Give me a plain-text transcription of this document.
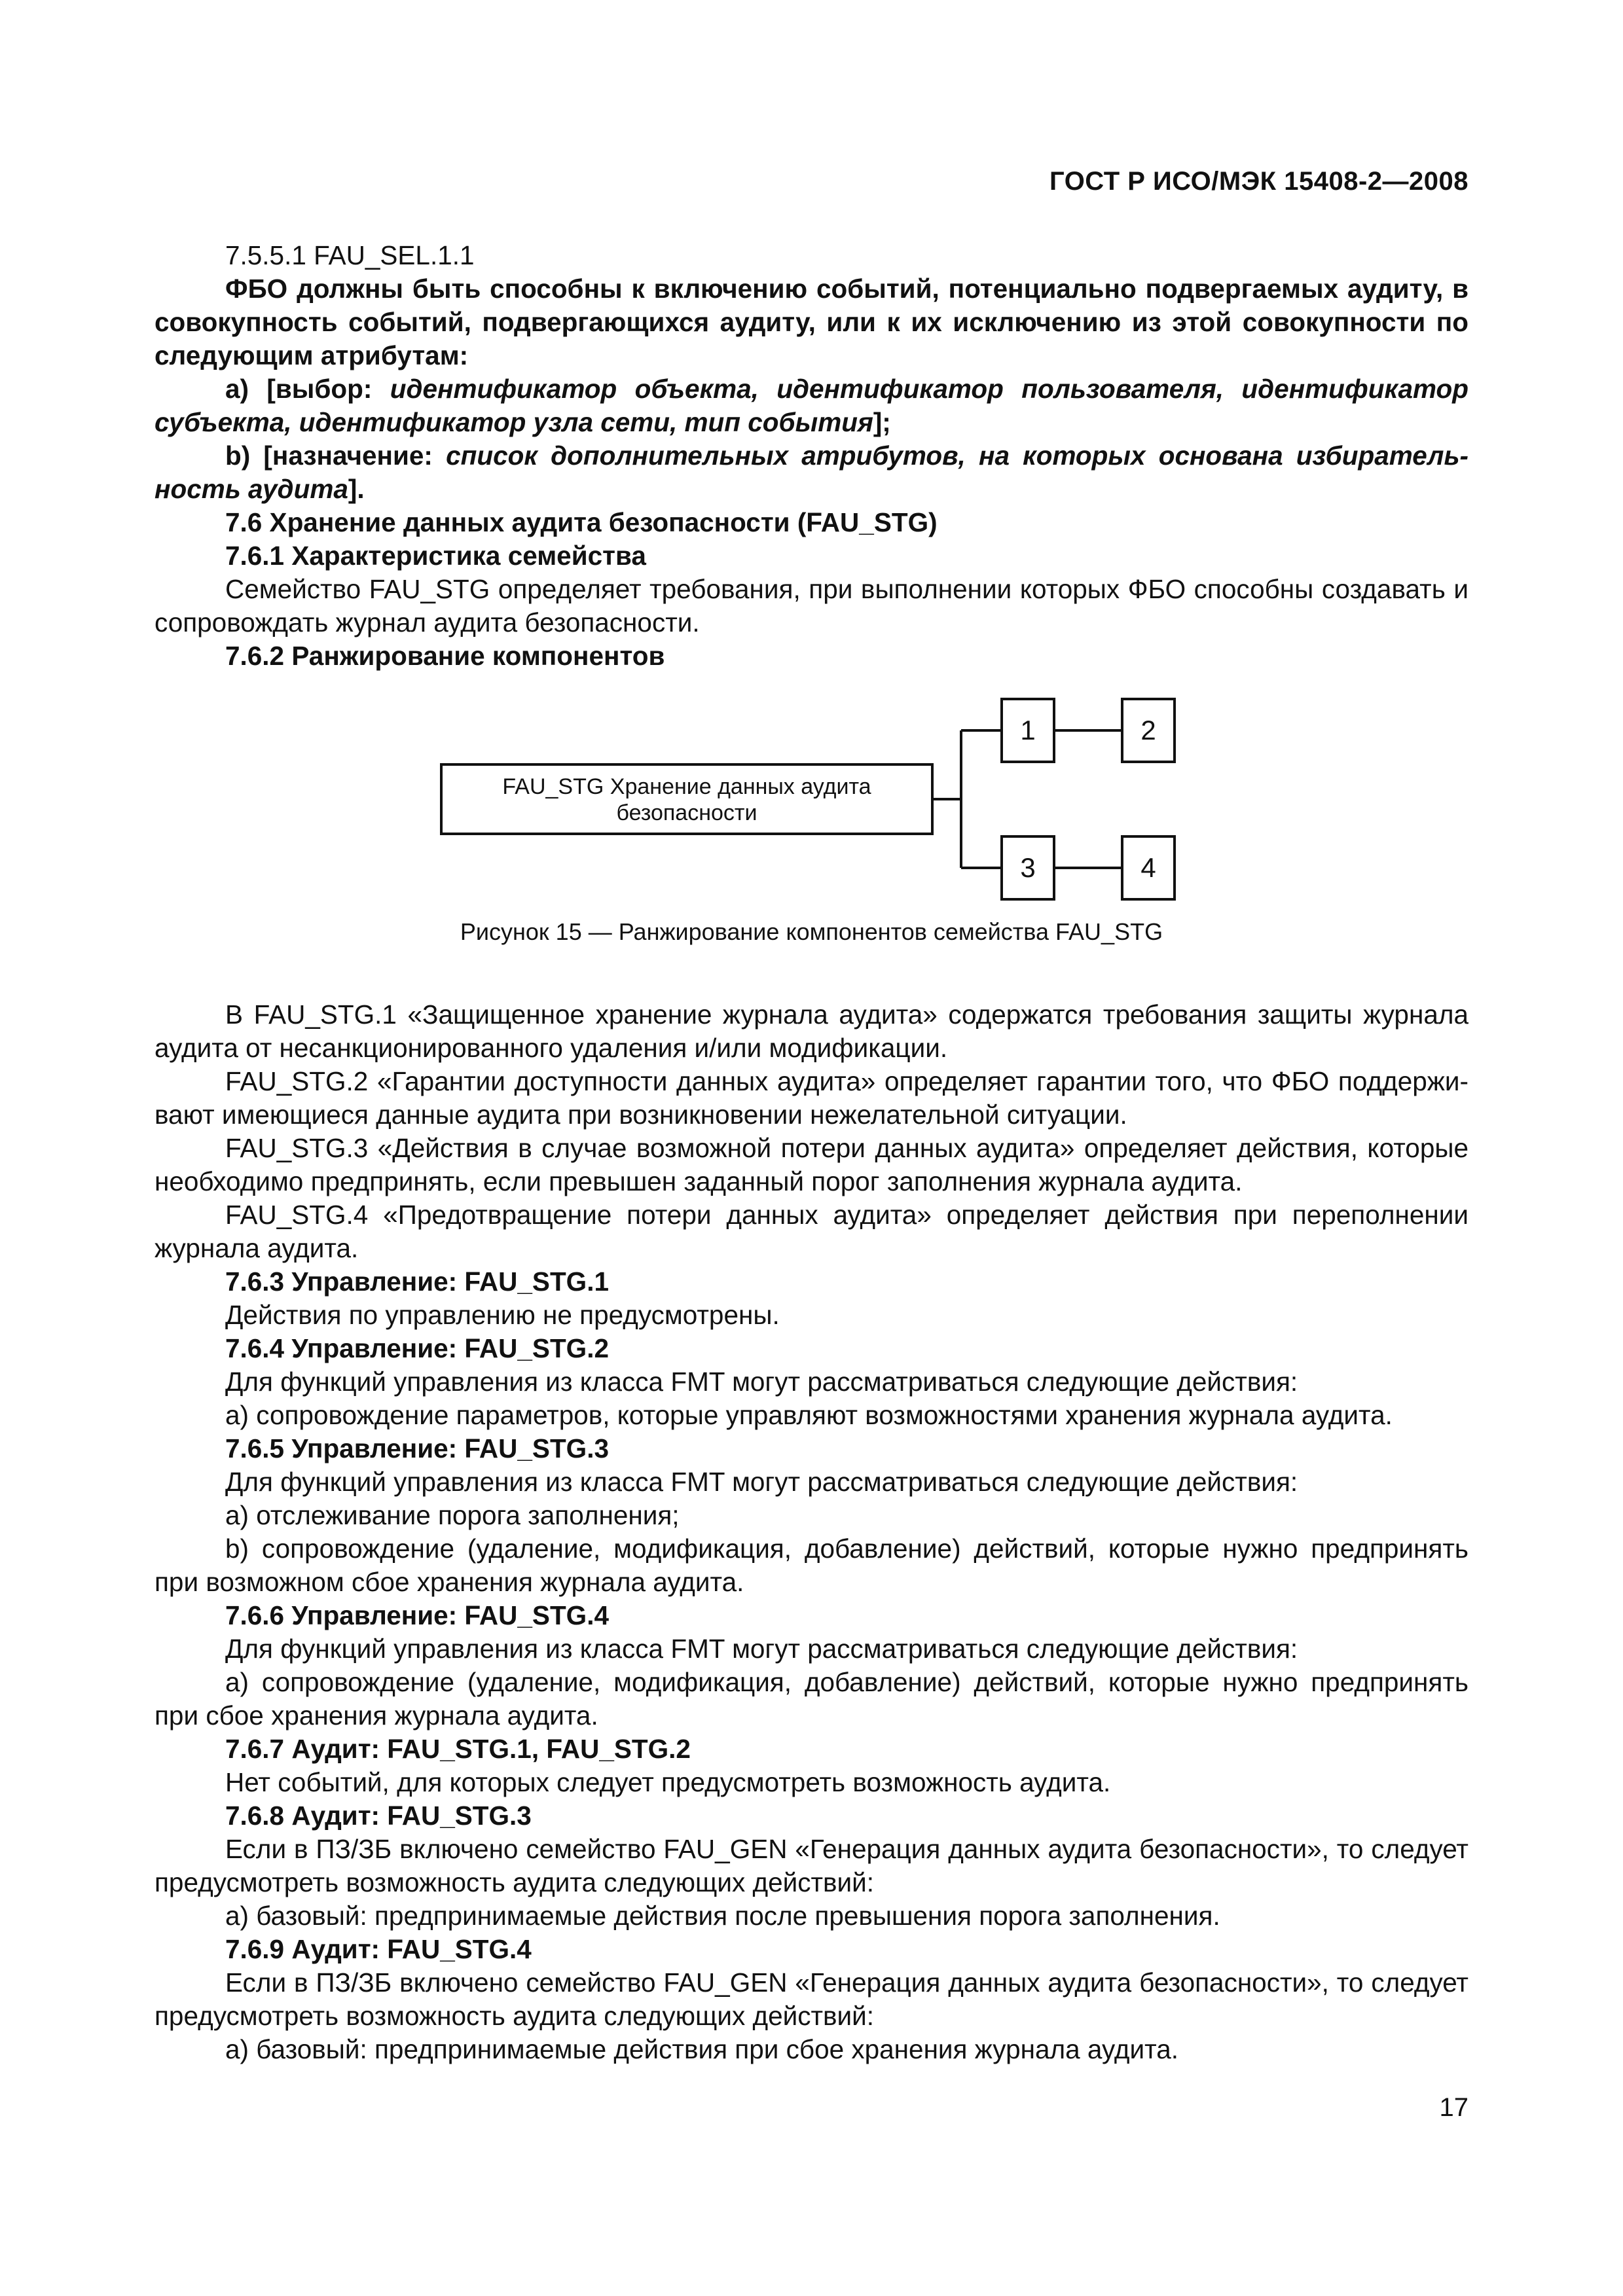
ГОСТ Р ИСО/МЭК 15408-2—2008

7.5.5.1 FAU_SEL.1.1

ФБО должны быть способны к включению событий, потенциально подвергаемых аудиту, в совокупность событий, подвергающихся аудиту, или к их исключению из этой совокупности по следующим атрибутам:

a) [выбор: идентификатор объекта, идентификатор пользователя, идентификатор субъекта, идентификатор узла сети, тип события];

b) [назначение: список дополнительных атрибутов, на которых основана избирательность аудита].

7.6 Хранение данных аудита безопасности (FAU_STG)

7.6.1 Характеристика семейства

Семейство FAU_STG определяет требования, при выполнении которых ФБО способны создавать и сопровождать журнал аудита безопасности.

7.6.2 Ранжирование компонентов

FAU_STG Хранение данных аудита
безопасности
1	2
3	4
Рисунок 15 — Ранжирование компонентов семейства FAU_STG

В FAU_STG.1 «Защищенное хранение журнала аудита» содержатся требования защиты журнала аудита от несанкционированного удаления и/или модификации.

FAU_STG.2 «Гарантии доступности данных аудита» определяет гарантии того, что ФБО поддерживают имеющиеся данные аудита при возникновении нежелательной ситуации.

FAU_STG.3 «Действия в случае возможной потери данных аудита» определяет действия, которые необходимо предпринять, если превышен заданный порог заполнения журнала аудита.

FAU_STG.4 «Предотвращение потери данных аудита» определяет действия при переполнении журнала аудита.

7.6.3 Управление: FAU_STG.1

Действия по управлению не предусмотрены.

7.6.4 Управление: FAU_STG.2

Для функций управления из класса FMT могут рассматриваться следующие действия:

a) сопровождение параметров, которые управляют возможностями хранения журнала аудита.

7.6.5 Управление: FAU_STG.3

Для функций управления из класса FMT могут рассматриваться следующие действия:

a) отслеживание порога заполнения;

b) сопровождение (удаление, модификация, добавление) действий, которые нужно предпринять при возможном сбое хранения журнала аудита.

7.6.6 Управление: FAU_STG.4

Для функций управления из класса FMT могут рассматриваться следующие действия:

a) сопровождение (удаление, модификация, добавление) действий, которые нужно предпринять при сбое хранения журнала аудита.

7.6.7 Аудит: FAU_STG.1, FAU_STG.2

Нет событий, для которых следует предусмотреть возможность аудита.

7.6.8 Аудит: FAU_STG.3

Если в ПЗ/ЗБ включено семейство FAU_GEN «Генерация данных аудита безопасности», то следует предусмотреть возможность аудита следующих действий:

a) базовый: предпринимаемые действия после превышения порога заполнения.

7.6.9 Аудит: FAU_STG.4

Если в ПЗ/ЗБ включено семейство FAU_GEN «Генерация данных аудита безопасности», то следует предусмотреть возможность аудита следующих действий:

a) базовый: предпринимаемые действия при сбое хранения журнала аудита.

17
